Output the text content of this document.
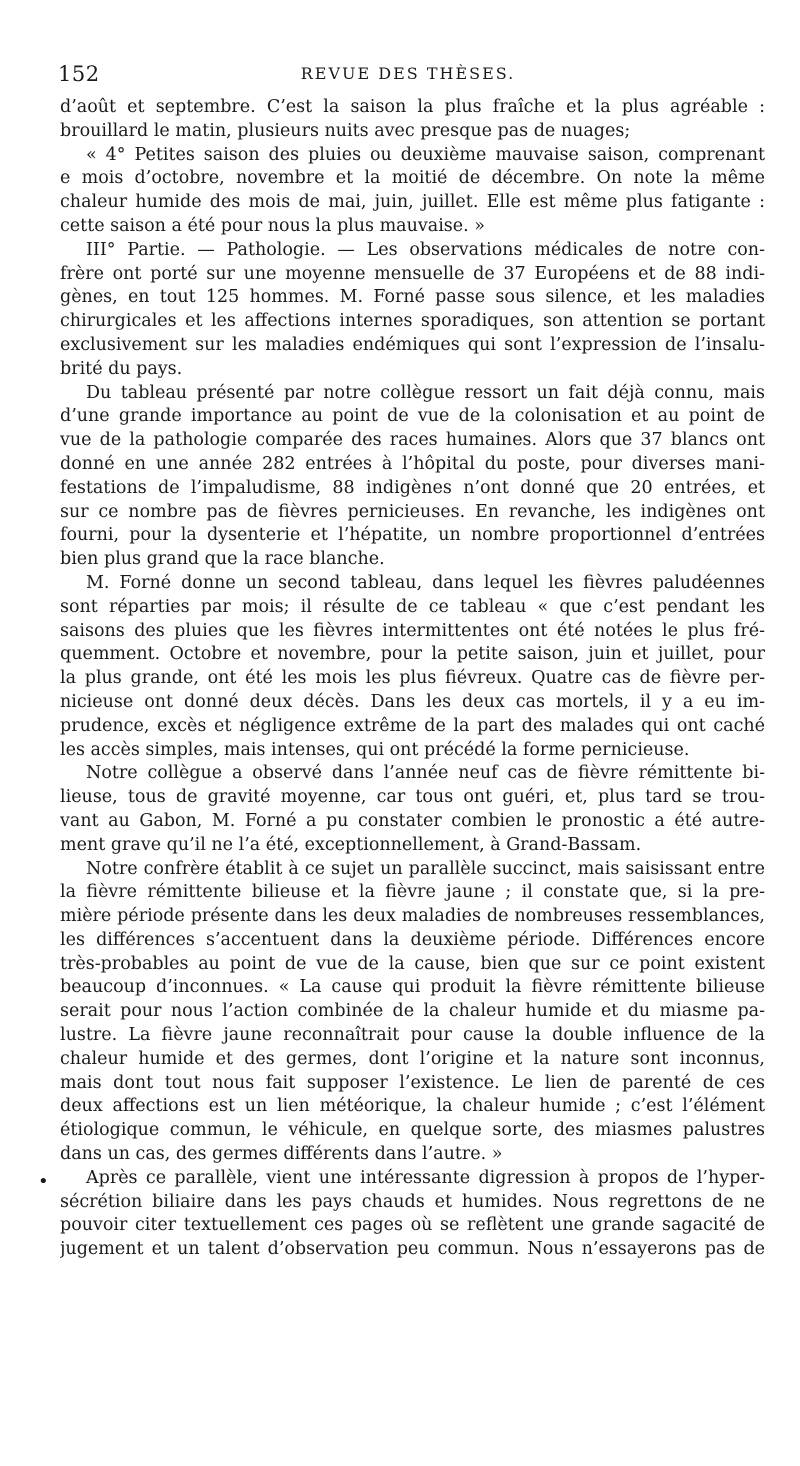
152	REVUE DES THÈSES.
•
d’août et septembre. C’est la saison la plus fraîche et la plus agréable :
brouillard le matin, plusieurs nuits avec presque pas de nuages;
« 4° Petites saison des pluies ou deuxième mauvaise saison, comprenant
e mois d’octobre, novembre et la moitié de décembre. On note la même
chaleur humide des mois de mai, juin, juillet. Elle est même plus fatigante :
cette saison a été pour nous la plus mauvaise. »
III° Partie. — Pathologie. — Les observations médicales de notre con-
frère ont porté sur une moyenne mensuelle de 37 Européens et de 88 indi-
gènes, en tout 125 hommes. M. Forné passe sous silence, et les maladies
chirurgicales et les affections internes sporadiques, son attention se portant
exclusivement sur les maladies endémiques qui sont l’expression de l’insalu-
brité du pays.
Du tableau présenté par notre collègue ressort un fait déjà connu, mais
d’une grande importance au point de vue de la colonisation et au point de
vue de la pathologie comparée des races humaines. Alors que 37 blancs ont
donné en une année 282 entrées à l’hôpital du poste, pour diverses mani-
festations de l’impaludisme, 88 indigènes n’ont donné que 20 entrées, et
sur ce nombre pas de fièvres pernicieuses. En revanche, les indigènes ont
fourni, pour la dysenterie et l’hépatite, un nombre proportionnel d’entrées
bien plus grand que la race blanche.
M. Forné donne un second tableau, dans lequel les fièvres paludéennes
sont réparties par mois; il résulte de ce tableau « que c’est pendant les
saisons des pluies que les fièvres intermittentes ont été notées le plus fré-
quemment. Octobre et novembre, pour la petite saison, juin et juillet, pour
la plus grande, ont été les mois les plus fiévreux. Quatre cas de fièvre per-
nicieuse ont donné deux décès. Dans les deux cas mortels, il y a eu im-
prudence, excès et négligence extrême de la part des malades qui ont caché
les accès simples, mais intenses, qui ont précédé la forme pernicieuse.
Notre collègue a observé dans l’année neuf cas de fièvre rémittente bi-
lieuse, tous de gravité moyenne, car tous ont guéri, et, plus tard se trou-
vant au Gabon, M. Forné a pu constater combien le pronostic a été autre-
ment grave qu’il ne l’a été, exceptionnellement, à Grand-Bassam.
Notre confrère établit à ce sujet un parallèle succinct, mais saisissant entre
la fièvre rémittente bilieuse et la fièvre jaune ; il constate que, si la pre-
mière période présente dans les deux maladies de nombreuses ressemblances,
les différences s’accentuent dans la deuxième période. Différences encore
très-probables au point de vue de la cause, bien que sur ce point existent
beaucoup d’inconnues. « La cause qui produit la fièvre rémittente bilieuse
serait pour nous l’action combinée de la chaleur humide et du miasme pa-
lustre. La fièvre jaune reconnaîtrait pour cause la double influence de la
chaleur humide et des germes, dont l’origine et la nature sont inconnus,
mais dont tout nous fait supposer l’existence. Le lien de parenté de ces
deux affections est un lien météorique, la chaleur humide ; c’est l’élément
étiologique commun, le véhicule, en quelque sorte, des miasmes palustres
dans un cas, des germes différents dans l’autre. »
Après ce parallèle, vient une intéressante digression à propos de l’hyper-
sécrétion biliaire dans les pays chauds et humides. Nous regrettons de ne
pouvoir citer textuellement ces pages où se reflètent une grande sagacité de
jugement et un talent d’observation peu commun. Nous n’essayerons pas de
